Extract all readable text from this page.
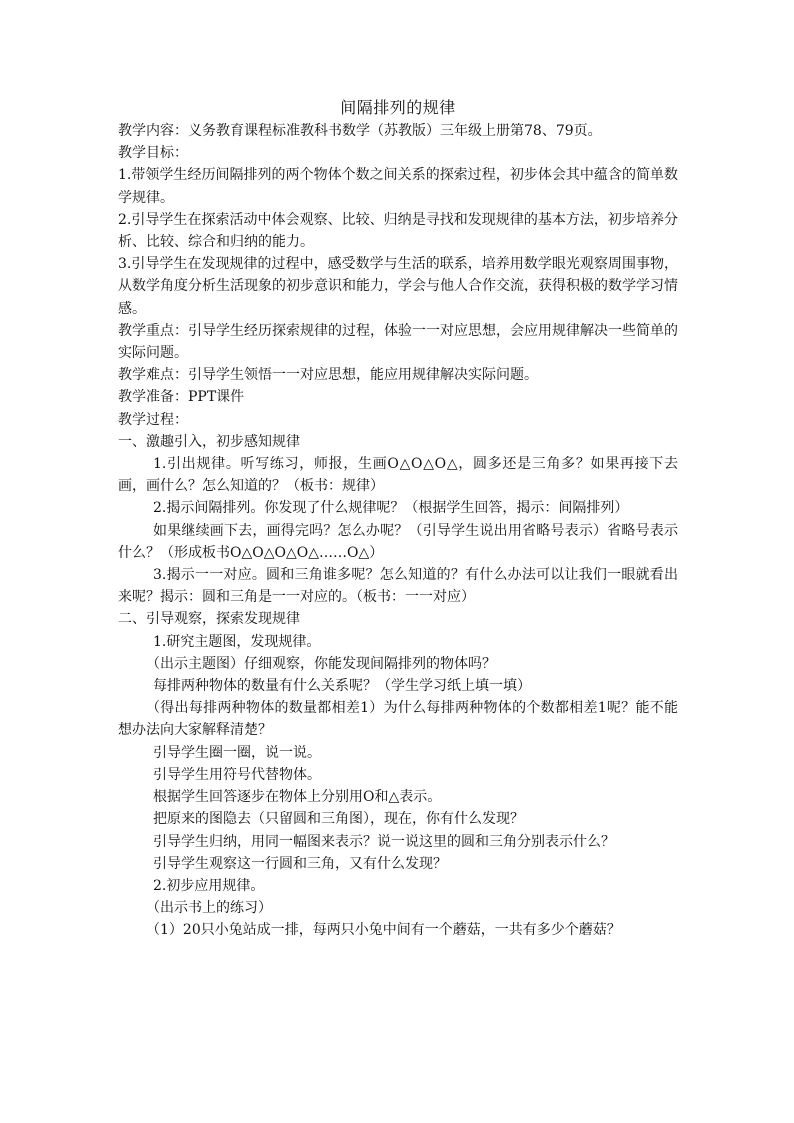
间隔排列的规律

教学内容：义务教育课程标准教科书数学（苏教版）三年级上册第78、79页。

教学目标：

1.带领学生经历间隔排列的两个物体个数之间关系的探索过程，初步体会其中蕴含的简单数学规律。

2.引导学生在探索活动中体会观察、比较、归纳是寻找和发现规律的基本方法，初步培养分析、比较、综合和归纳的能力。

3.引导学生在发现规律的过程中，感受数学与生活的联系，培养用数学眼光观察周围事物，从数学角度分析生活现象的初步意识和能力，学会与他人合作交流，获得积极的数学学习情感。

教学重点：引导学生经历探索规律的过程，体验一一对应思想，会应用规律解决一些简单的实际问题。

教学难点：引导学生领悟一一对应思想，能应用规律解决实际问题。

教学准备：PPT课件

教学过程：

一、激趣引入，初步感知规律

1.引出规律。听写练习，师报，生画O△O△O△，圆多还是三角多？如果再接下去画，画什么？怎么知道的？（板书：规律）

2.揭示间隔排列。你发现了什么规律呢？（根据学生回答，揭示：间隔排列）

如果继续画下去，画得完吗？怎么办呢？（引导学生说出用省略号表示）省略号表示什么？（形成板书O△O△O△O△……O△）

3.揭示一一对应。圆和三角谁多呢？怎么知道的？有什么办法可以让我们一眼就看出来呢？揭示：圆和三角是一一对应的。（板书：一一对应）

二、引导观察，探索发现规律

1.研究主题图，发现规律。

（出示主题图）仔细观察，你能发现间隔排列的物体吗？

每排两种物体的数量有什么关系呢？（学生学习纸上填一填）

（得出每排两种物体的数量都相差1）为什么每排两种物体的个数都相差1呢？能不能想办法向大家解释清楚？

引导学生圈一圈，说一说。

引导学生用符号代替物体。

根据学生回答逐步在物体上分别用O和△表示。

把原来的图隐去（只留圆和三角图），现在，你有什么发现？

引导学生归纳，用同一幅图来表示？说一说这里的圆和三角分别表示什么？

引导学生观察这一行圆和三角，又有什么发现？

2.初步应用规律。

（出示书上的练习）

（1）20只小兔站成一排，每两只小兔中间有一个蘑菇，一共有多少个蘑菇？
